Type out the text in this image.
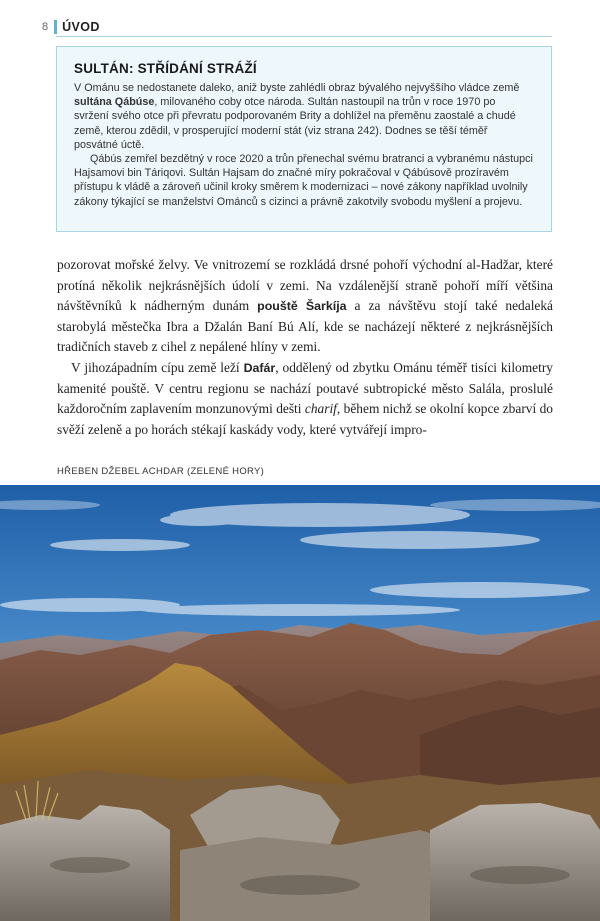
8 ÚVOD
SULTÁN: STŘÍDÁNÍ STRÁŽÍ

V Ománu se nedostanete daleko, aniž byste zahlédli obraz bývalého nejvyššího vládce země sultána Qábúse, milovaného coby otce národa. Sultán nastoupil na trůn v roce 1970 po svržení svého otce při převratu podporovaném Brity a dohlížel na přeměnu zaostalé a chudé země, kterou zdědil, v prosperující moderní stát (viz strana 242). Dodnes se těší téměř posvátné úctě.

Qábús zemřel bezdětný v roce 2020 a trůn přenechal svému bratranci a vybranému nástupci Hajsamovi bin Táriqovi. Sultán Hajsam do značné míry pokračoval v Qábúsově prozíravém přístupu k vládě a zároveň učinil kroky směrem k modernizaci – nové zákony například uvolnily zákony týkající se manželství Ománců s cizinci a právně zakotvily svobodu myšlení a projevu.

pozorovat mořské želvy. Ve vnitrozemí se rozkládá drsné pohoří východní al-Hadžar, které protíná několik nejkrásnějších údolí v zemi. Na vzdálenější straně pohoří míří většina návštěvníků k nádherným dunám pouště Šarkíja a za návštěvu stojí také nedaleká starobylá městečka Ibra a Džalán Baní Bú Alí, kde se nacházejí některé z nejkrásnějších tradičních staveb z cihel z nepálené hlíny v zemi.

V jihozápadním cípu země leží Dafár, oddělený od zbytku Ománu téměř tisíci kilometry kamenité pouště. V centru regionu se nachází poutavé subtropické město Salála, proslulé každoročním zaplavením monzunovými dešti charif, během nichž se okolní kopce zbarví do svěží zeleně a po horách stékají kaskády vody, které vytvářejí impro-

HŘEBEN DŽEBEL ACHDAR (ZELENÉ HORY)
